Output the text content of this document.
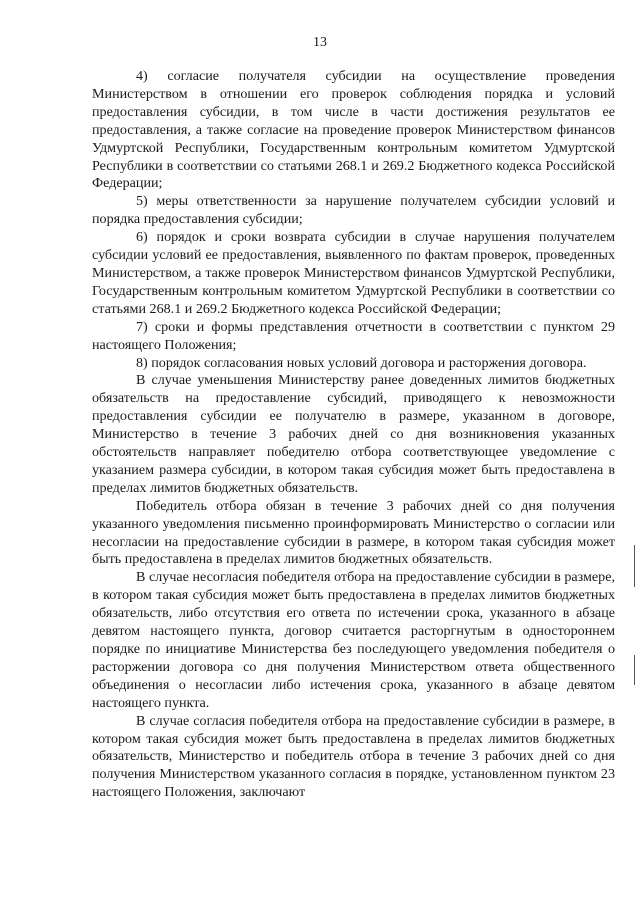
13

4) согласие получателя субсидии на осуществление проведения Министерством в отношении его проверок соблюдения порядка и условий предоставления субсидии, в том числе в части достижения результатов ее предоставления, а также согласие на проведение проверок Министерством финансов Удмуртской Республики, Государственным контрольным комитетом Удмуртской Республики в соответствии со статьями 268.1 и 269.2 Бюджетного кодекса Российской Федерации;

5) меры ответственности за нарушение получателем субсидии условий и порядка предоставления субсидии;

6) порядок и сроки возврата субсидии в случае нарушения получателем субсидии условий ее предоставления, выявленного по фактам проверок, проведенных Министерством, а также проверок Министерством финансов Удмуртской Республики, Государственным контрольным комитетом Удмуртской Республики в соответствии со статьями 268.1 и 269.2 Бюджетного кодекса Российской Федерации;

7) сроки и формы представления отчетности в соответствии с пунктом 29 настоящего Положения;

8) порядок согласования новых условий договора и расторжения договора.

В случае уменьшения Министерству ранее доведенных лимитов бюджетных обязательств на предоставление субсидий, приводящего к невозможности предоставления субсидии ее получателю в размере, указанном в договоре, Министерство в течение 3 рабочих дней со дня возникновения указанных обстоятельств направляет победителю отбора соответствующее уведомление с указанием размера субсидии, в котором такая субсидия может быть предоставлена в пределах лимитов бюджетных обязательств.

Победитель отбора обязан в течение 3 рабочих дней со дня получения указанного уведомления письменно проинформировать Министерство о согласии или несогласии на предоставление субсидии в размере, в котором такая субсидия может быть предоставлена в пределах лимитов бюджетных обязательств.

В случае несогласия победителя отбора на предоставление субсидии в размере, в котором такая субсидия может быть предоставлена в пределах лимитов бюджетных обязательств, либо отсутствия его ответа по истечении срока, указанного в абзаце девятом настоящего пункта, договор считается расторгнутым в одностороннем порядке по инициативе Министерства без последующего уведомления победителя о расторжении договора со дня получения Министерством ответа общественного объединения о несогласии либо истечения срока, указанного в абзаце девятом настоящего пункта.

В случае согласия победителя отбора на предоставление субсидии в размере, в котором такая субсидия может быть предоставлена в пределах лимитов бюджетных обязательств, Министерство и победитель отбора в течение 3 рабочих дней со дня получения Министерством указанного согласия в порядке, установленном пунктом 23 настоящего Положения, заключают
